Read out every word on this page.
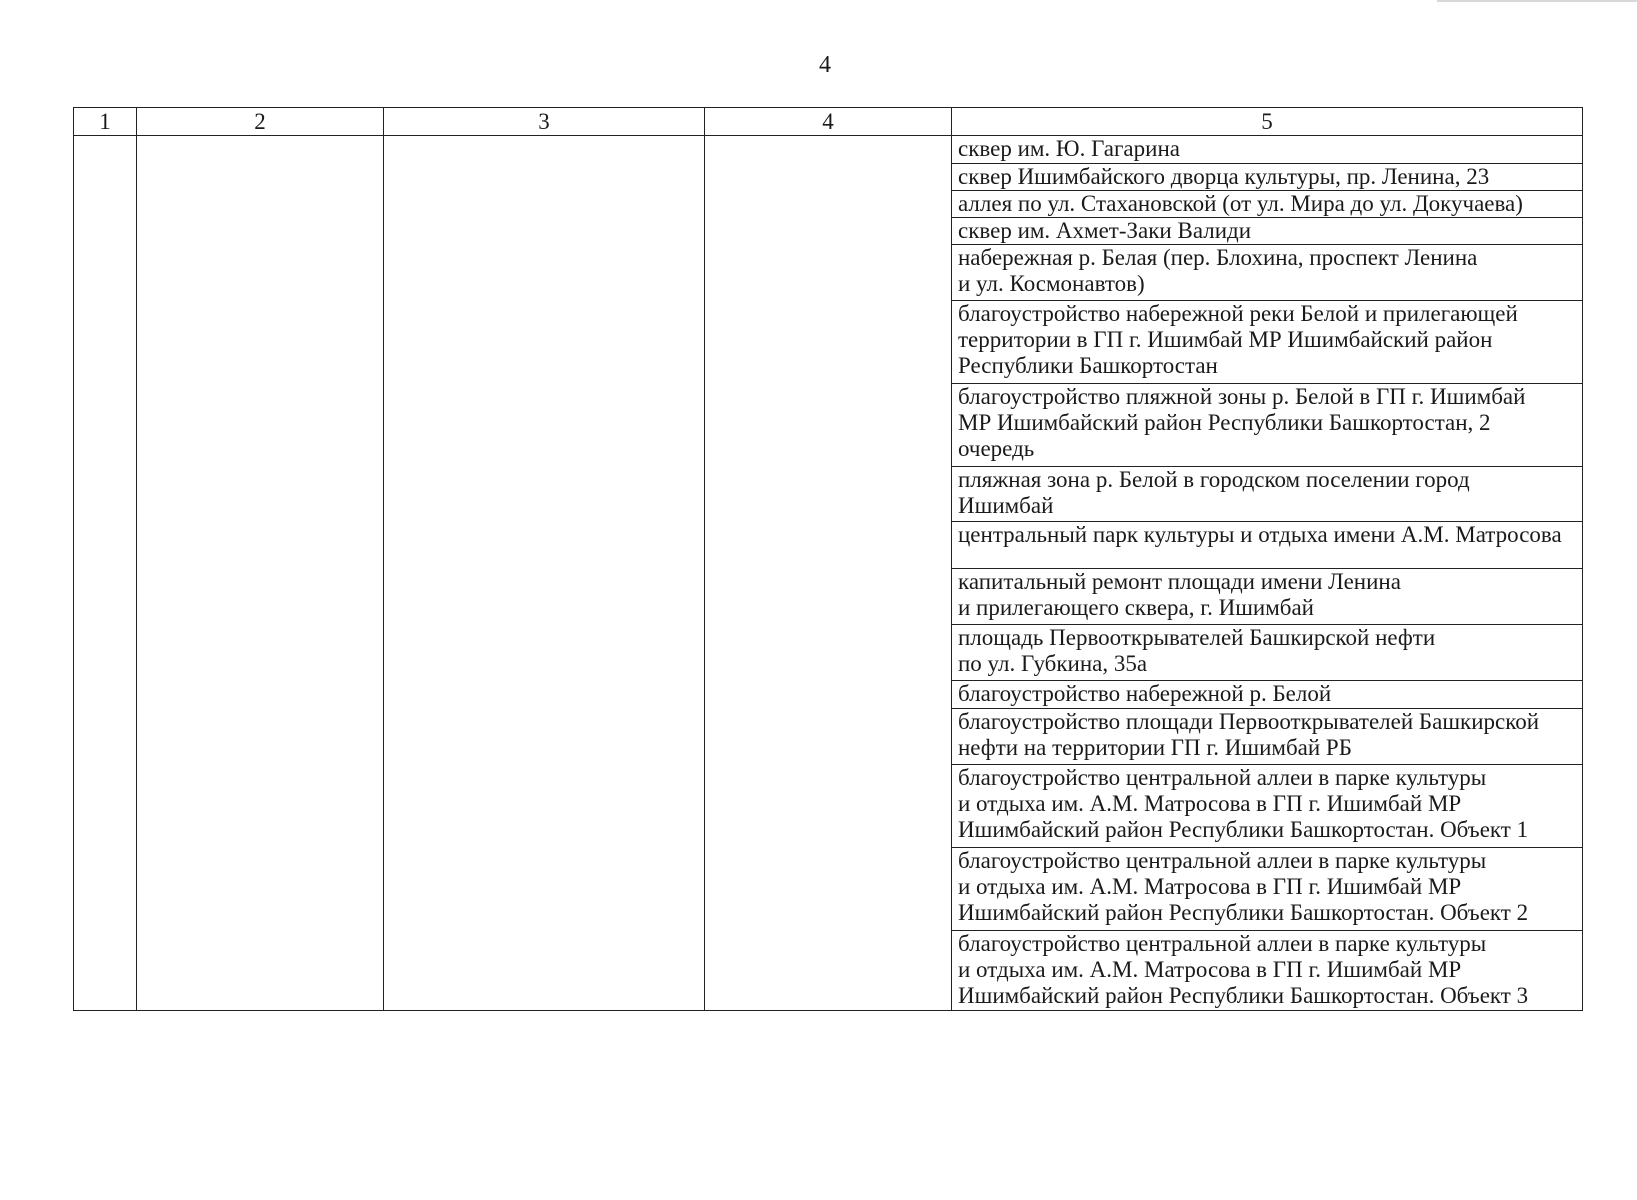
4
1	2	3	4	5

				сквер им. Ю. Гагарина

				сквер Ишимбайского дворца культуры, пр. Ленина, 23

				аллея по ул. Стахановской (от ул. Мира до ул. Докучаева)

				сквер им. Ахмет-Заки Валиди

				набережная р. Белая (пер. Блохина, проспект Ленина
и ул. Космонавтов)

				благоустройство набережной реки Белой и прилегающей
территории в ГП г. Ишимбай МР Ишимбайский район
Республики Башкортостан

				благоустройство пляжной зоны р. Белой в ГП г. Ишимбай
МР Ишимбайский район Республики Башкортостан, 2
очередь

				пляжная зона р. Белой в городском поселении город
Ишимбай

				центральный парк культуры и отдыха имени А.М. Матросова

				капитальный ремонт площади имени Ленина
и прилегающего сквера, г. Ишимбай

				площадь Первооткрывателей Башкирской нефти
по ул. Губкина, 35а

				благоустройство набережной р. Белой

				благоустройство площади Первооткрывателей Башкирской
нефти на территории ГП г. Ишимбай РБ

				благоустройство центральной аллеи в парке культуры
и отдыха им. А.М. Матросова в ГП г. Ишимбай МР
Ишимбайский район Республики Башкортостан. Объект 1

				благоустройство центральной аллеи в парке культуры
и отдыха им. А.М. Матросова в ГП г. Ишимбай МР
Ишимбайский район Республики Башкортостан. Объект 2

				благоустройство центральной аллеи в парке культуры
и отдыха им. А.М. Матросова в ГП г. Ишимбай МР
Ишимбайский район Республики Башкортостан. Объект 3
